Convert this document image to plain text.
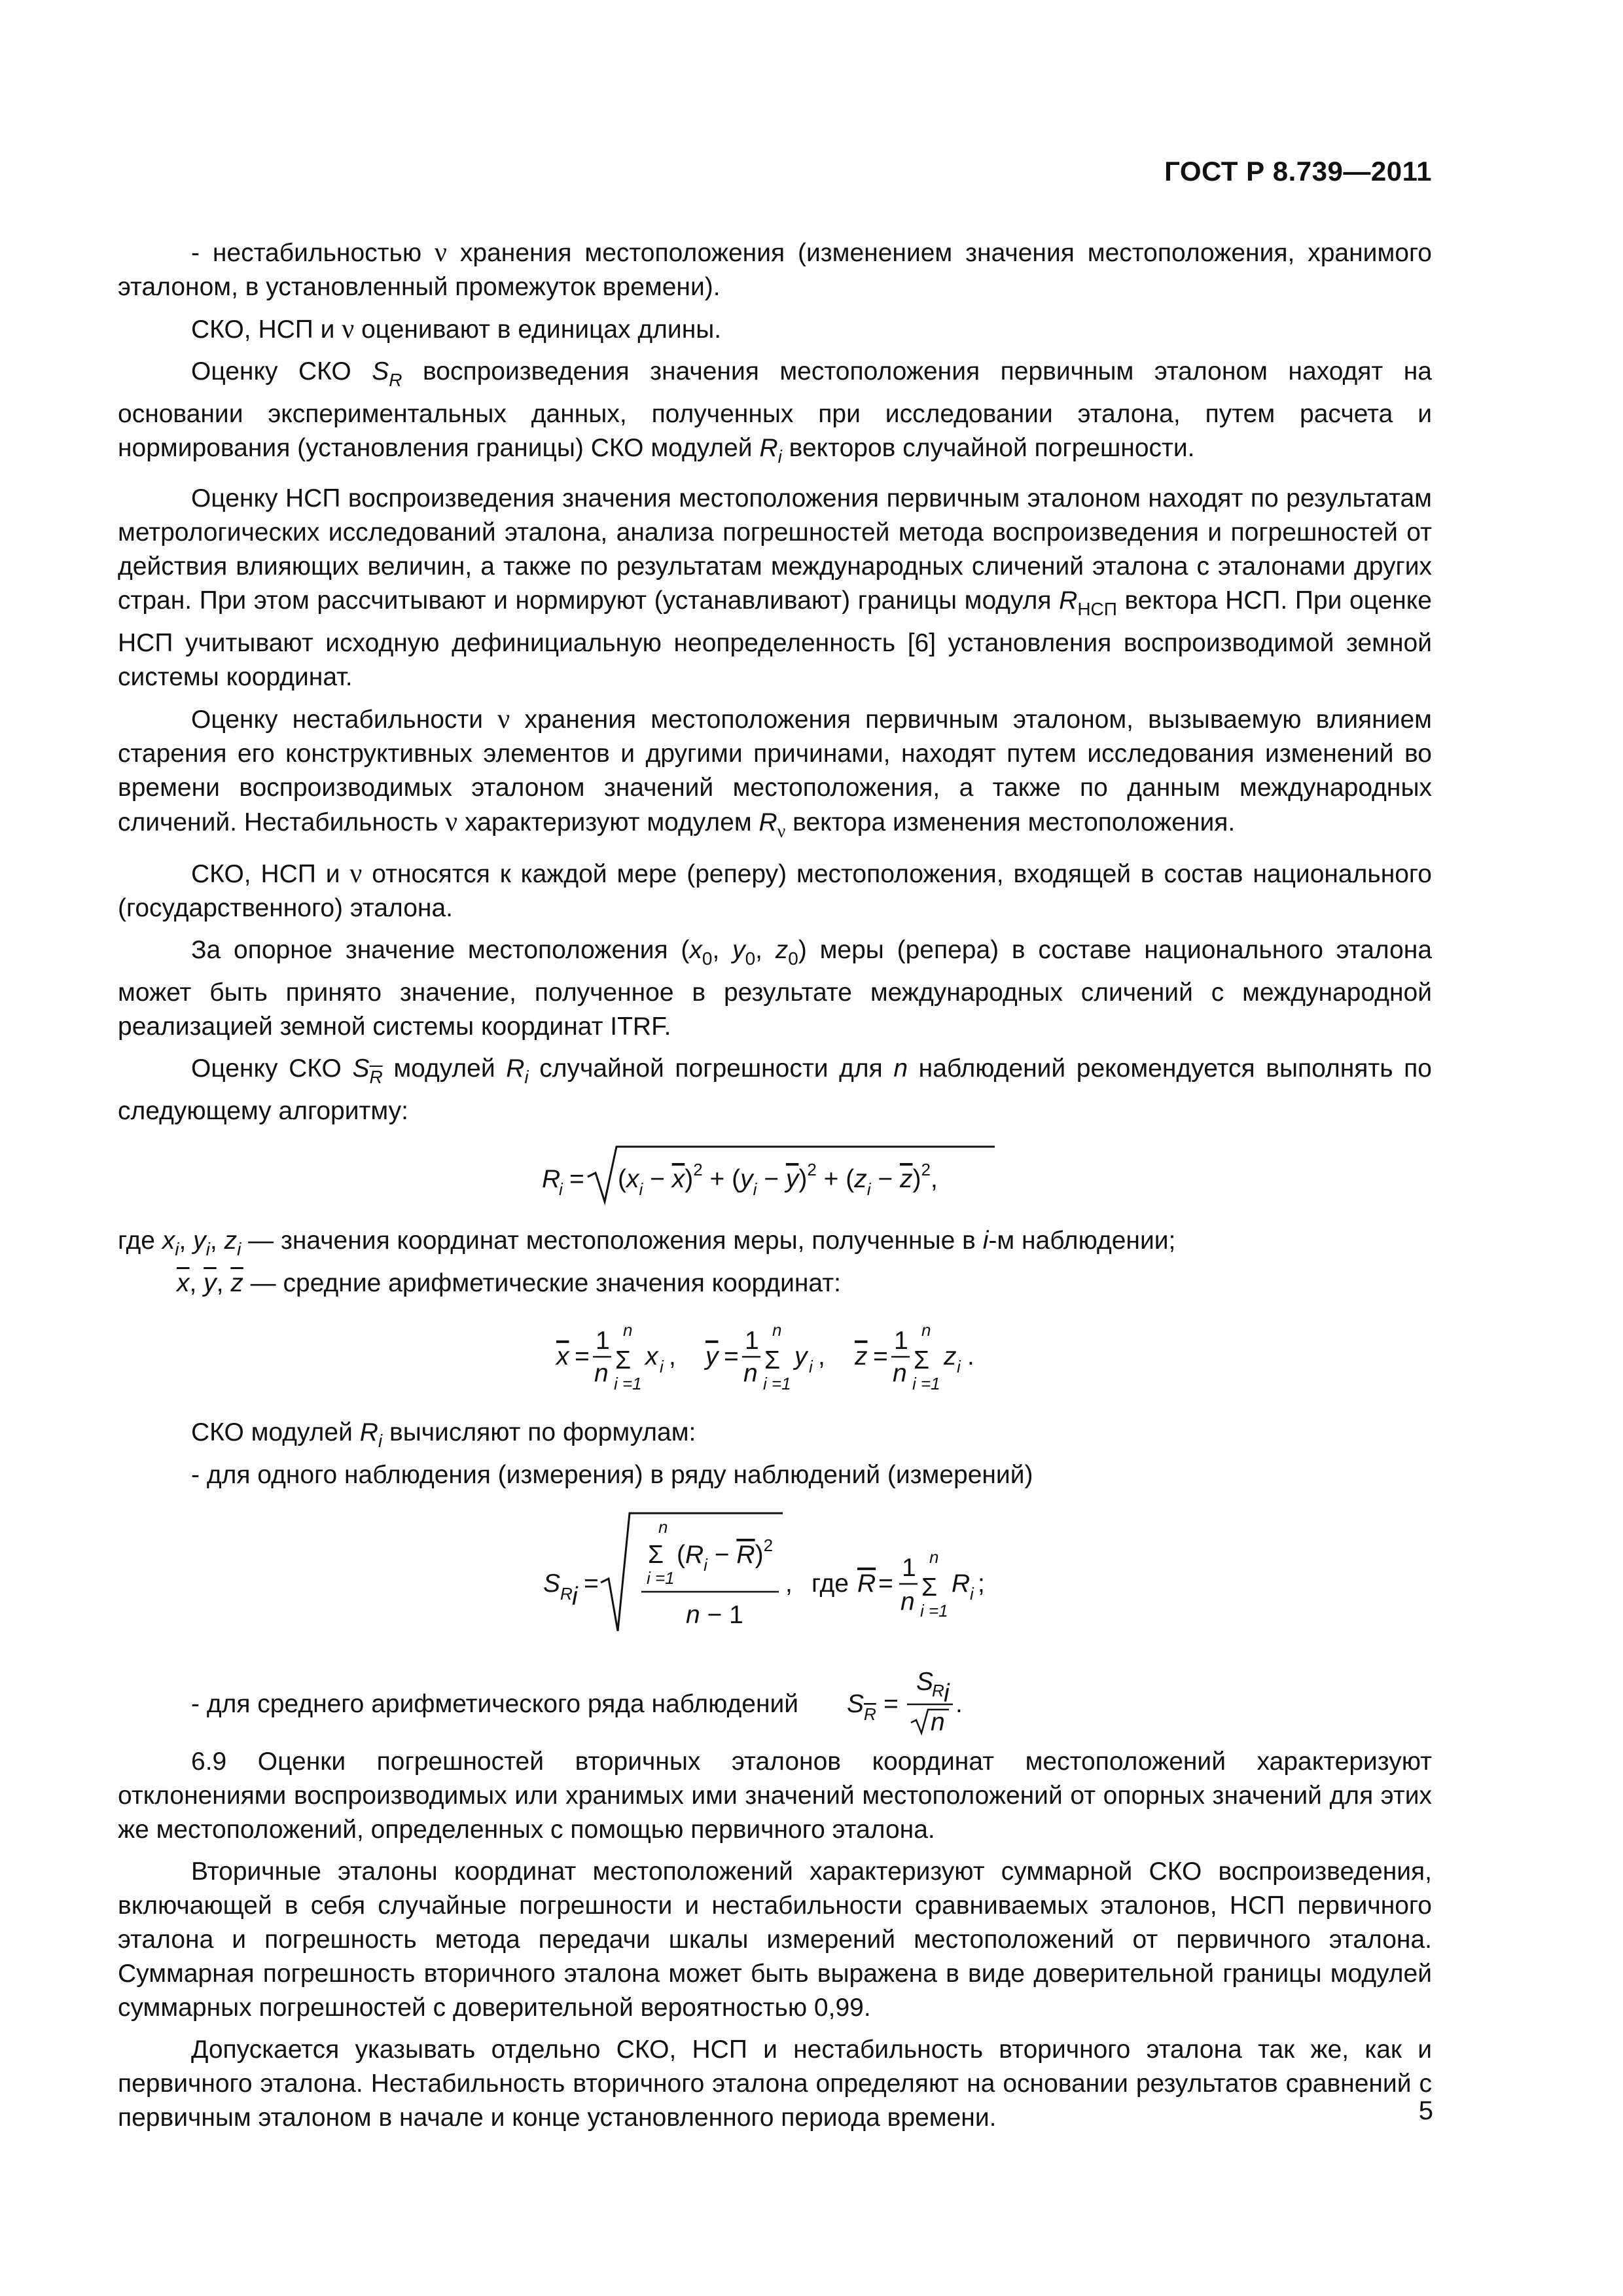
ГОСТ Р 8.739—2011

- нестабильностью ν хранения местоположения (изменением значения местоположения, хранимого эталоном, в установленный промежуток времени).

СКО, НСП и ν оценивают в единицах длины.

Оценку СКО $S_R$ воспроизведения значения местоположения первичным эталоном находят на основании экспериментальных данных, полученных при исследовании эталона, путем расчета и нормирования (установления границы) СКО модулей $R_i$ векторов случайной погрешности.

Оценку НСП воспроизведения значения местоположения первичным эталоном находят по результатам метрологических исследований эталона, анализа погрешностей метода воспроизведения и погрешностей от действия влияющих величин, а также по результатам международных сличений эталона с эталонами других стран. При этом рассчитывают и нормируют (устанавливают) границы модуля $R_{НСП}$ вектора НСП. При оценке НСП учитывают исходную дефинициальную неопределенность [6] установления воспроизводимой земной системы координат.

Оценку нестабильности ν хранения местоположения первичным эталоном, вызываемую влиянием старения его конструктивных элементов и другими причинами, находят путем исследования изменений во времени воспроизводимых эталоном значений местоположения, а также по данным международных сличений. Нестабильность ν характеризуют модулем $R_\nu$ вектора изменения местоположения.

СКО, НСП и ν относятся к каждой мере (реперу) местоположения, входящей в состав национального (государственного) эталона.

За опорное значение местоположения ($x_0$, $y_0$, $z_0$) меры (репера) в составе национального эталона может быть принято значение, полученное в результате международных сличений с международной реализацией земной системы координат ITRF.

Оценку СКО $S_{\overline{R}}$ модулей $R_i$ случайной погрешности для n наблюдений рекомендуется выполнять по следующему алгоритму:

R
$i = (x_i - x)^2 + (y_i - y)^2 + (z_i - z)^2$,

где $x_i$, $y_i$, $z_i$ — значения координат местоположения меры, полученные в i-м наблюдении;

$\overline{x}$, $\overline{y}$, $\overline{z}$ — средние арифметические значения координат:

x =
1
n
n
Σ
i =1
x i , y =
1
n
n
Σ
i =1
y i , z =
1
n
n
Σ
i =1
z i .

СКО модулей $R_i$ вычисляют по формулам:

- для одного наблюдения (измерения) в ряду наблюдений (измерений)

S R i =
n
Σ
i =1
$(R_i - R)^2$
n − 1
, где R =
1
n
n
Σ
i =1
R i ;
- для среднего арифметического ряда наблюдений S R =
S
R i
n
.

6.9 Оценки погрешностей вторичных эталонов координат местоположений характеризуют отклонениями воспроизводимых или хранимых ими значений местоположений от опорных значений для этих же местоположений, определенных с помощью первичного эталона.

Вторичные эталоны координат местоположений характеризуют суммарной СКО воспроизведения, включающей в себя случайные погрешности и нестабильности сравниваемых эталонов, НСП первичного эталона и погрешность метода передачи шкалы измерений местоположений от первичного эталона. Суммарная погрешность вторичного эталона может быть выражена в виде доверительной границы модулей суммарных погрешностей с доверительной вероятностью 0,99.

Допускается указывать отдельно СКО, НСП и нестабильность вторичного эталона так же, как и первичного эталона. Нестабильность вторичного эталона определяют на основании результатов сравнений с первичным эталоном в начале и конце установленного периода времени.	5
